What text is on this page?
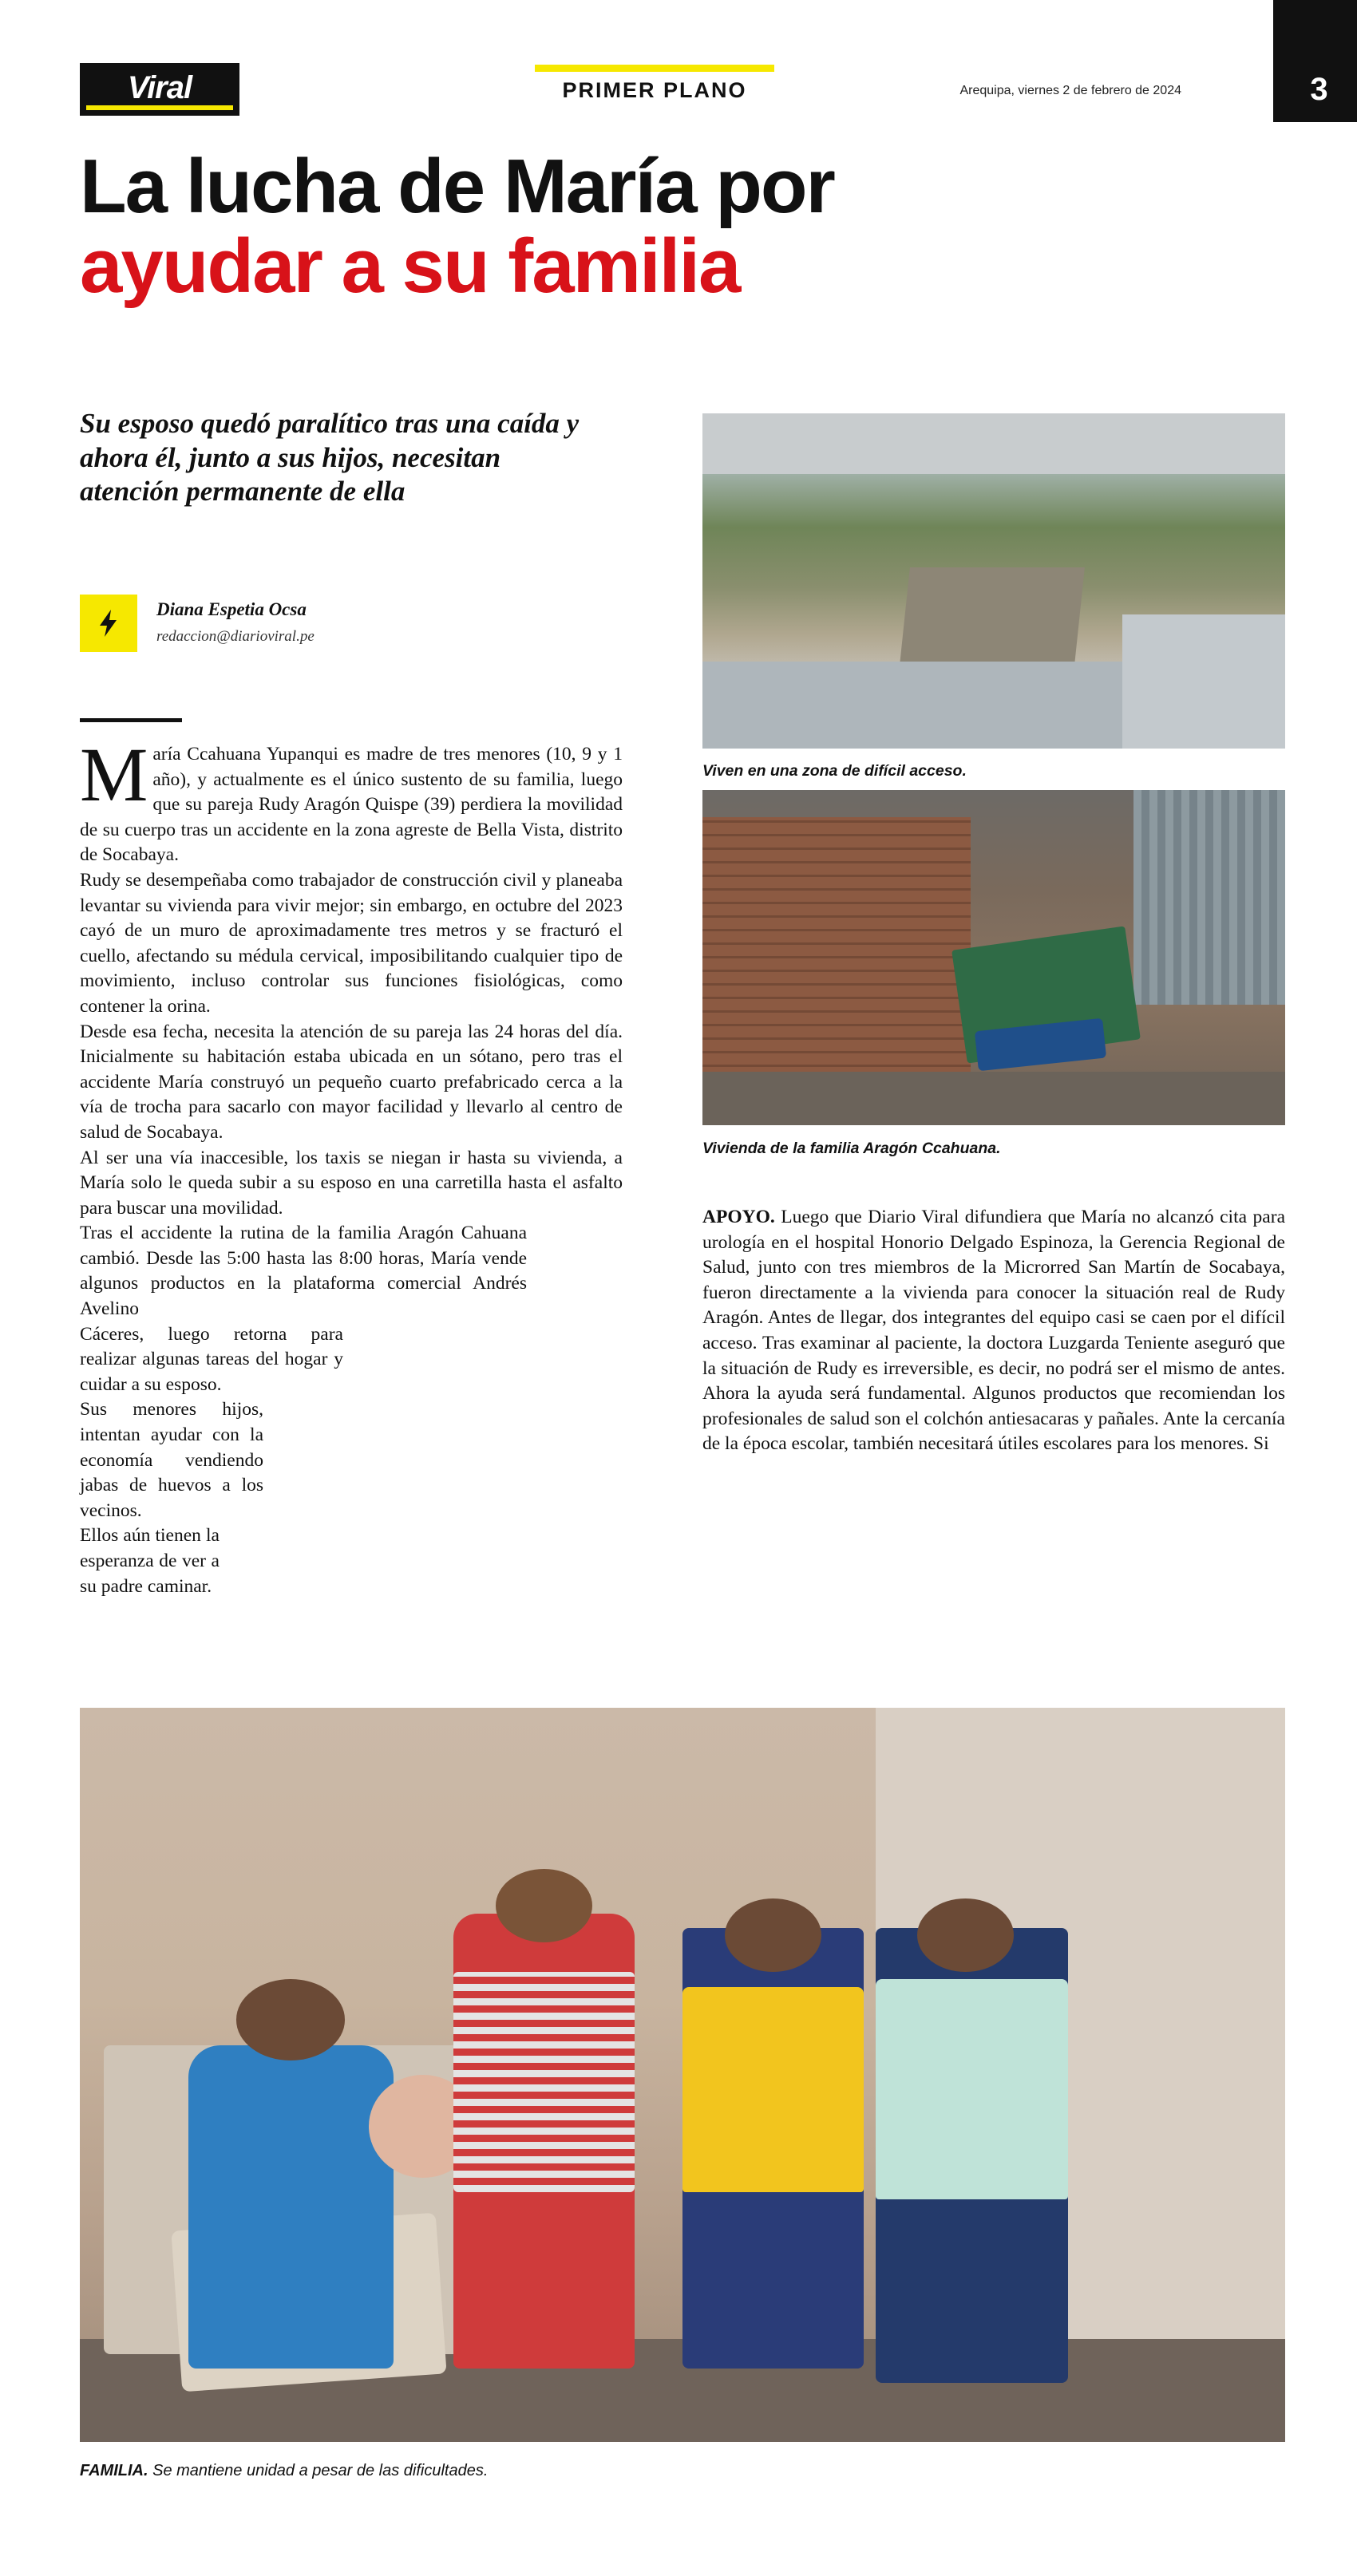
Viral	PRIMER PLANO	Arequipa, viernes 2 de febrero de 2024	3
La lucha de María por
ayudar a su familia
Su esposo quedó paralítico tras una caída y ahora él, junto a sus hijos, necesitan atención permanente de ella
Diana Espetia Ocsa
redaccion@diarioviral.pe

María Ccahuana Yupanqui es madre de tres menores (10, 9 y 1 año), y actualmente es el único sustento de su familia, luego que su pareja Rudy Aragón Quispe (39) perdiera la movilidad de su cuerpo tras un accidente en la zona agreste de Bella Vista, distrito de Socabaya.

Rudy se desempeñaba como trabajador de construcción civil y planeaba levantar su vivienda para vivir mejor; sin embargo, en octubre del 2023 cayó de un muro de aproximadamente tres metros y se fracturó el cuello, afectando su médula cervical, imposibilitando cualquier tipo de movimiento, incluso controlar sus funciones fisiológicas, como contener la orina.

Desde esa fecha, necesita la atención de su pareja las 24 horas del día. Inicialmente su habitación estaba ubicada en un sótano, pero tras el accidente María construyó un pequeño cuarto prefabricado cerca a la vía de trocha para sacarlo con mayor facilidad y llevarlo al centro de salud de Socabaya.

Al ser una vía inaccesible, los taxis se niegan ir hasta su vivienda, a María solo le queda subir a su esposo en una carretilla hasta el asfalto para buscar una movilidad.

Tras el accidente la rutina de la familia Aragón Cahuana cambió. Desde las 5:00 hasta las 8:00 horas, María vende algunos productos en la plataforma comercial Andrés Avelino

Cáceres, luego retorna para realizar algunas tareas del hogar y cuidar a su esposo.

Sus menores hijos, intentan ayudar con la economía vendiendo jabas de huevos a los vecinos.

Ellos aún tienen la esperanza de ver a su padre caminar.

Viven en una zona de difícil acceso.
Vivienda de la familia Aragón Ccahuana.

APOYO. Luego que Diario Viral difundiera que María no alcanzó cita para urología en el hospital Honorio Delgado Espinoza, la Gerencia Regional de Salud, junto con tres miembros de la Microrred San Martín de Socabaya, fueron directamente a la vivienda para conocer la situación real de Rudy Aragón. Antes de llegar, dos integrantes del equipo casi se caen por el difícil acceso. Tras examinar al paciente, la doctora Luzgarda Teniente aseguró que la situación de Rudy es irreversible, es decir, no podrá ser el mismo de antes. Ahora la ayuda será fundamental. Algunos productos que recomiendan los profesionales de salud son el colchón antiesacaras y pañales. Ante la cercanía de la época escolar, también necesitará útiles escolares para los menores. Si

FAMILIA. Se mantiene unidad a pesar de las dificultades.
